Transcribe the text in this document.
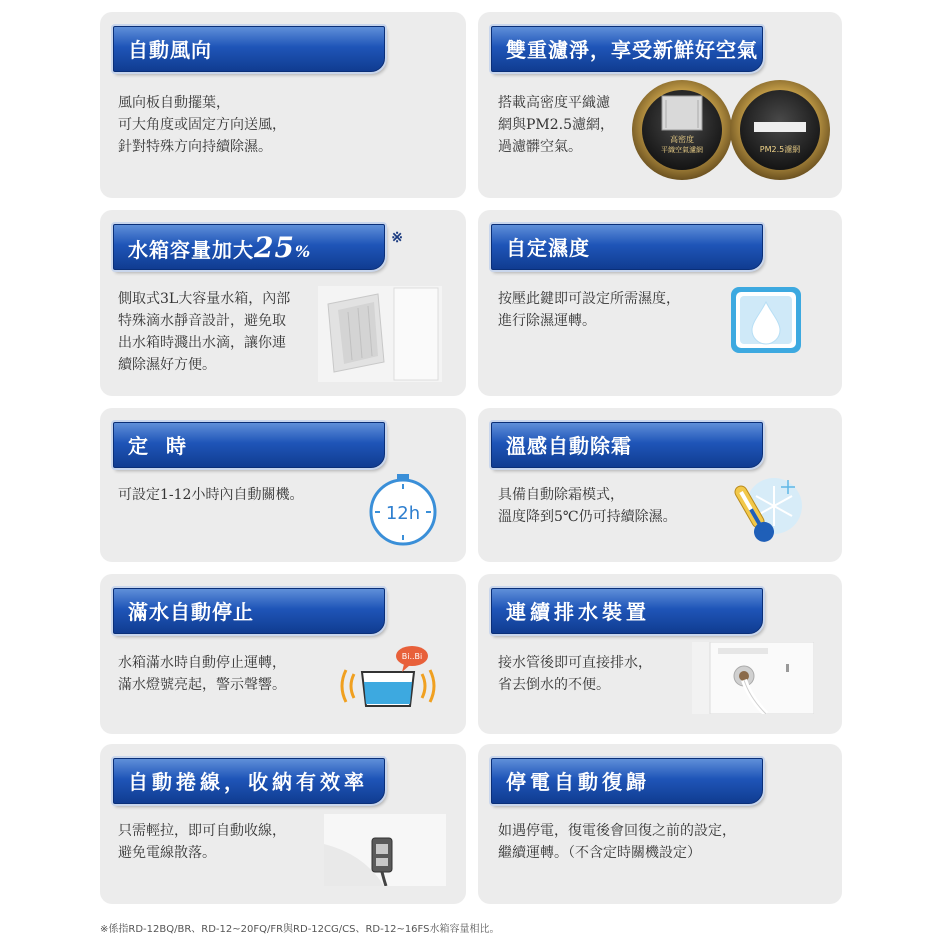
自動風向
風向板自動擺葉，
可大角度或固定方向送風，
針對特殊方向持續除濕。
雙重濾淨，享受新鮮好空氣
搭載高密度平織濾
網與PM2.5濾網，
過濾髒空氣。	高密度
平織空氣濾網	PM2.5濾網
水箱容量加大25%
※
側取式3L大容量水箱，內部
特殊滴水靜音設計，避免取
出水箱時濺出水滴，讓你連
續除濕好方便。
自定濕度
按壓此鍵即可設定所需濕度，
進行除濕運轉。
定時
可設定1-12小時內自動關機。
12h
溫感自動除霜
具備自動除霜模式，
溫度降到5℃仍可持續除濕。
滿水自動停止
水箱滿水時自動停止運轉，
滿水燈號亮起，警示聲響。
Bi..Bi
連續排水裝置
接水管後即可直接排水，
省去倒水的不便。
自動捲線，收納有效率
只需輕拉，即可自動收線，
避免電線散落。
停電自動復歸
如遇停電，復電後會回復之前的設定，
繼續運轉。（不含定時關機設定）
※係指RD-12BQ/BR、RD-12~20FQ/FR與RD-12CG/CS、RD-12~16FS水箱容量相比。
